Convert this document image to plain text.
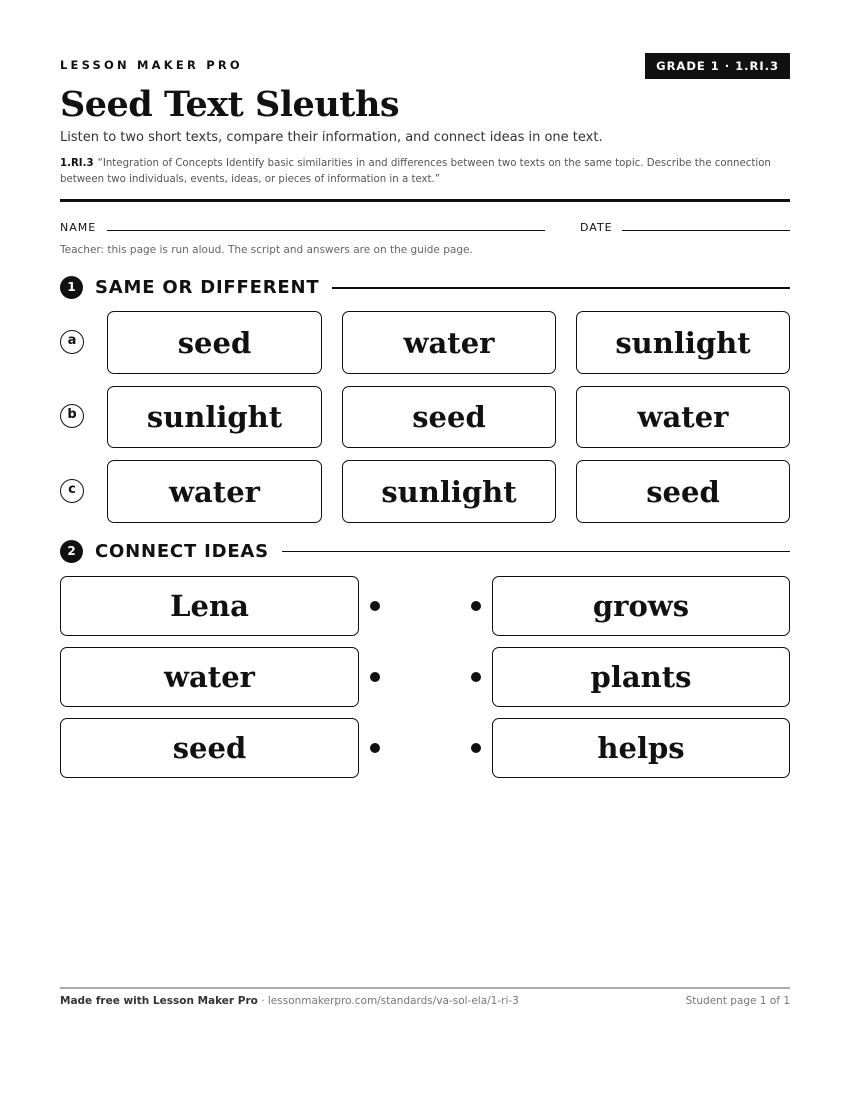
LESSON MAKER PRO	GRADE 1 · 1.RI.3
Seed Text Sleuths
Listen to two short texts, compare their information, and connect ideas in one text.
1.RI.3 “Integration of Concepts Identify basic similarities in and differences between two texts on the same topic. Describe the connection between two individuals, events, ideas, or pieces of information in a text.”
NAME	DATE
Teacher: this page is run aloud. The script and answers are on the guide page.
1	SAME OR DIFFERENT
a	seed	water	sunlight
b	sunlight	seed	water
c	water	sunlight	seed
2	CONNECT IDEAS
Lena	grows
water	plants
seed	helps
Made free with Lesson Maker Pro · lessonmakerpro.com/standards/va-sol-ela/1-ri-3	Student page 1 of 1
